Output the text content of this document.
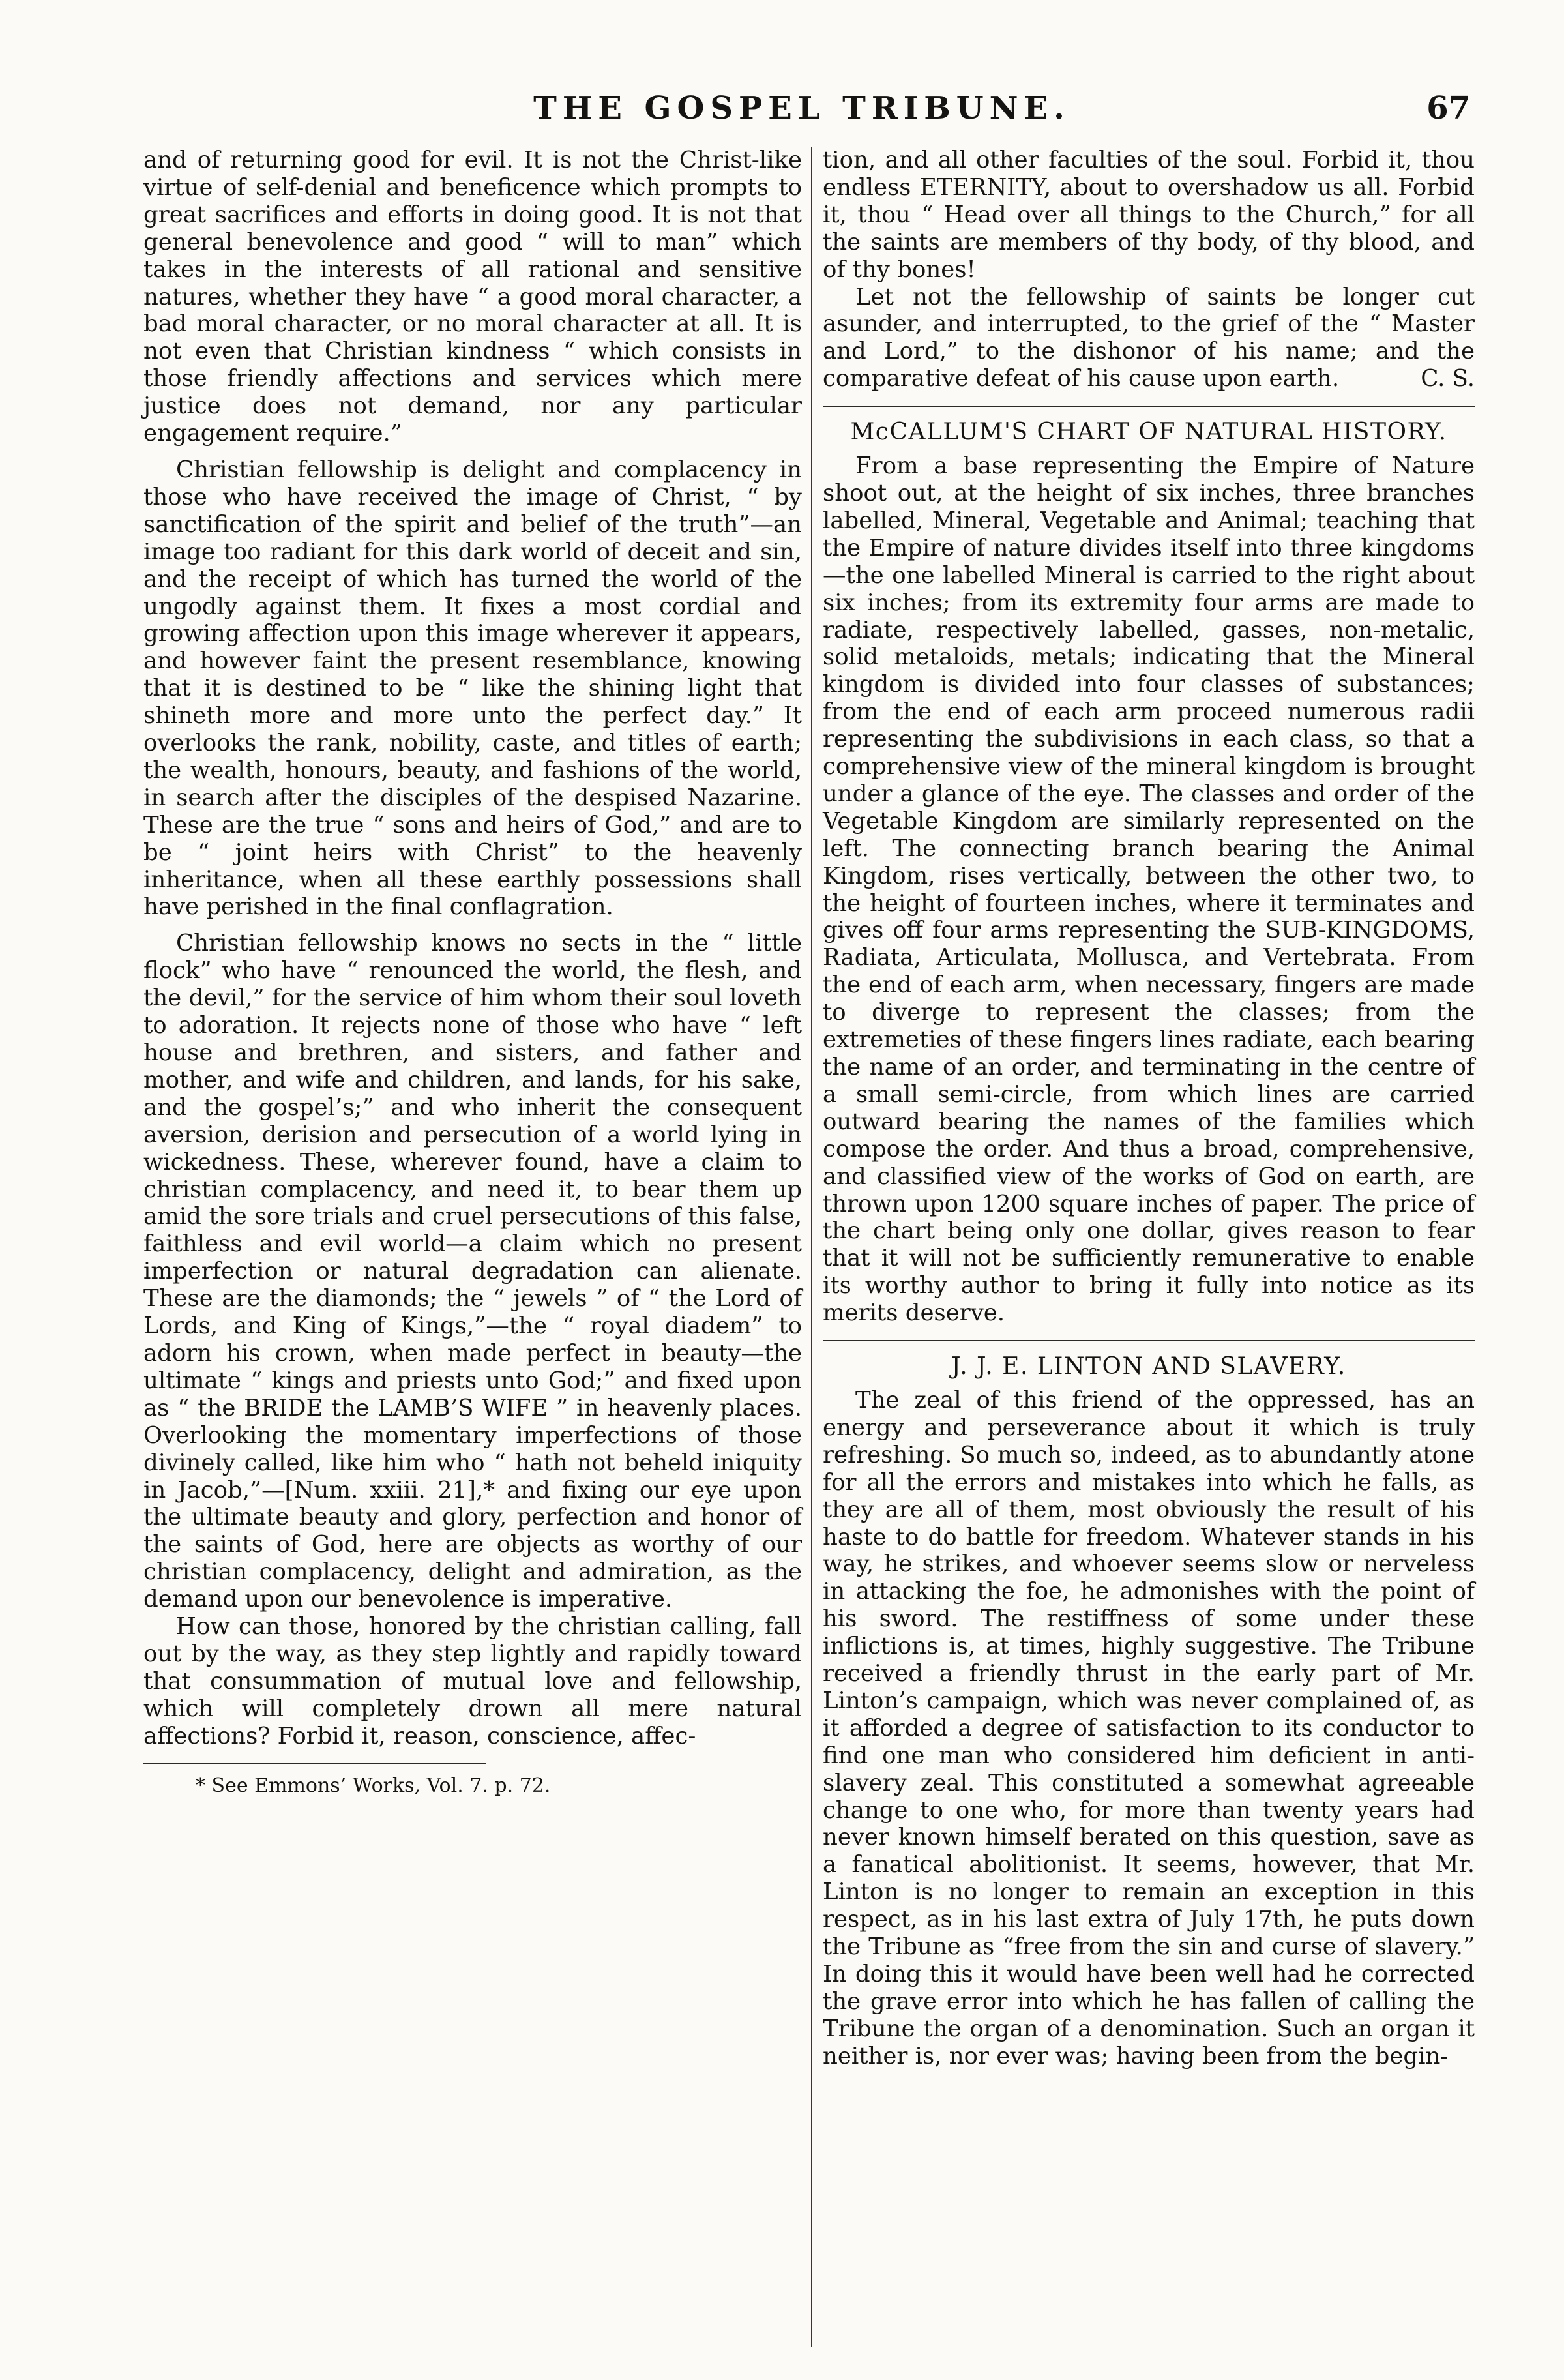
THE GOSPEL TRIBUNE.	67

and of returning good for evil. It is not the Christ-like virtue of self-denial and beneficence which prompts to great sacrifices and efforts in doing good. It is not that general benevolence and good “ will to man” which takes in the interests of all rational and sensitive natures, whether they have “ a good moral character, a bad moral character, or no moral character at all. It is not even that Christian kindness “ which consists in those friendly affections and services which mere justice does not demand, nor any particular engagement require.”

Christian fellowship is delight and complacency in those who have received the image of Christ, “ by sanctification of the spirit and belief of the truth”—an image too radiant for this dark world of deceit and sin, and the receipt of which has turned the world of the ungodly against them. It fixes a most cordial and growing affection upon this image wherever it appears, and however faint the present resemblance, knowing that it is destined to be “ like the shining light that shineth more and more unto the perfect day.” It overlooks the rank, nobility, caste, and titles of earth; the wealth, honours, beauty, and fashions of the world, in search after the disciples of the despised Nazarine. These are the true “ sons and heirs of God,” and are to be “ joint heirs with Christ” to the heavenly inheritance, when all these earthly possessions shall have perished in the final conflagration.

Christian fellowship knows no sects in the “ little flock” who have “ renounced the world, the flesh, and the devil,” for the service of him whom their soul loveth to adoration. It rejects none of those who have “ left house and brethren, and sisters, and father and mother, and wife and children, and lands, for his sake, and the gospel’s;” and who inherit the consequent aversion, derision and persecution of a world lying in wickedness. These, wherever found, have a claim to christian complacency, and need it, to bear them up amid the sore trials and cruel persecutions of this false, faithless and evil world—a claim which no present imperfection or natural degradation can alienate. These are the diamonds; the “ jewels ” of “ the Lord of Lords, and King of Kings,”—the “ royal diadem” to adorn his crown, when made perfect in beauty—the ultimate “ kings and priests unto God;” and fixed upon as “ the BRIDE the LAMB’S WIFE ” in heavenly places. Overlooking the momentary imperfections of those divinely called, like him who “ hath not beheld iniquity in Jacob,”—[Num. xxiii. 21],* and fixing our eye upon the ultimate beauty and glory, perfection and honor of the saints of God, here are objects as worthy of our christian complacency, delight and admiration, as the demand upon our benevolence is imperative.

How can those, honored by the christian calling, fall out by the way, as they step lightly and rapidly toward that consummation of mutual love and fellowship, which will completely drown all mere natural affections? Forbid it, reason, conscience, affec-

* See Emmons’ Works, Vol. 7. p. 72.

tion, and all other faculties of the soul. Forbid it, thou endless ETERNITY, about to overshadow us all. Forbid it, thou “ Head over all things to the Church,” for all the saints are members of thy body, of thy blood, and of thy bones!

Let not the fellowship of saints be longer cut asunder, and interrupted, to the grief of the “ Master and Lord,” to the dishonor of his name; and the comparative defeat of his cause upon earth.	C. S.

McCALLUM'S CHART OF NATURAL HISTORY.

From a base representing the Empire of Nature shoot out, at the height of six inches, three branches labelled, Mineral, Vegetable and Animal; teaching that the Empire of nature divides itself into three kingdoms—the one labelled Mineral is carried to the right about six inches; from its extremity four arms are made to radiate, respectively labelled, gasses, non-metalic, solid metaloids, metals; indicating that the Mineral kingdom is divided into four classes of substances; from the end of each arm proceed numerous radii representing the subdivisions in each class, so that a comprehensive view of the mineral kingdom is brought under a glance of the eye. The classes and order of the Vegetable Kingdom are similarly represented on the left. The connecting branch bearing the Animal Kingdom, rises vertically, between the other two, to the height of fourteen inches, where it terminates and gives off four arms representing the SUB-KINGDOMS, Radiata, Articulata, Mollusca, and Vertebrata. From the end of each arm, when necessary, fingers are made to diverge to represent the classes; from the extremeties of these fingers lines radiate, each bearing the name of an order, and terminating in the centre of a small semi-circle, from which lines are carried outward bearing the names of the families which compose the order. And thus a broad, comprehensive, and classified view of the works of God on earth, are thrown upon 1200 square inches of paper. The price of the chart being only one dollar, gives reason to fear that it will not be sufficiently remunerative to enable its worthy author to bring it fully into notice as its merits deserve.

J. J. E. LINTON AND SLAVERY.

The zeal of this friend of the oppressed, has an energy and perseverance about it which is truly refreshing. So much so, indeed, as to abundantly atone for all the errors and mistakes into which he falls, as they are all of them, most obviously the result of his haste to do battle for freedom. Whatever stands in his way, he strikes, and whoever seems slow or nerveless in attacking the foe, he admonishes with the point of his sword. The restiffness of some under these inflictions is, at times, highly suggestive. The Tribune received a friendly thrust in the early part of Mr. Linton’s campaign, which was never complained of, as it afforded a degree of satisfaction to its conductor to find one man who considered him deficient in anti-slavery zeal. This constituted a somewhat agreeable change to one who, for more than twenty years had never known himself berated on this question, save as a fanatical abolitionist. It seems, however, that Mr. Linton is no longer to remain an exception in this respect, as in his last extra of July 17th, he puts down the Tribune as “free from the sin and curse of slavery.” In doing this it would have been well had he corrected the grave error into which he has fallen of calling the Tribune the organ of a denomination. Such an organ it neither is, nor ever was; having been from the begin-
